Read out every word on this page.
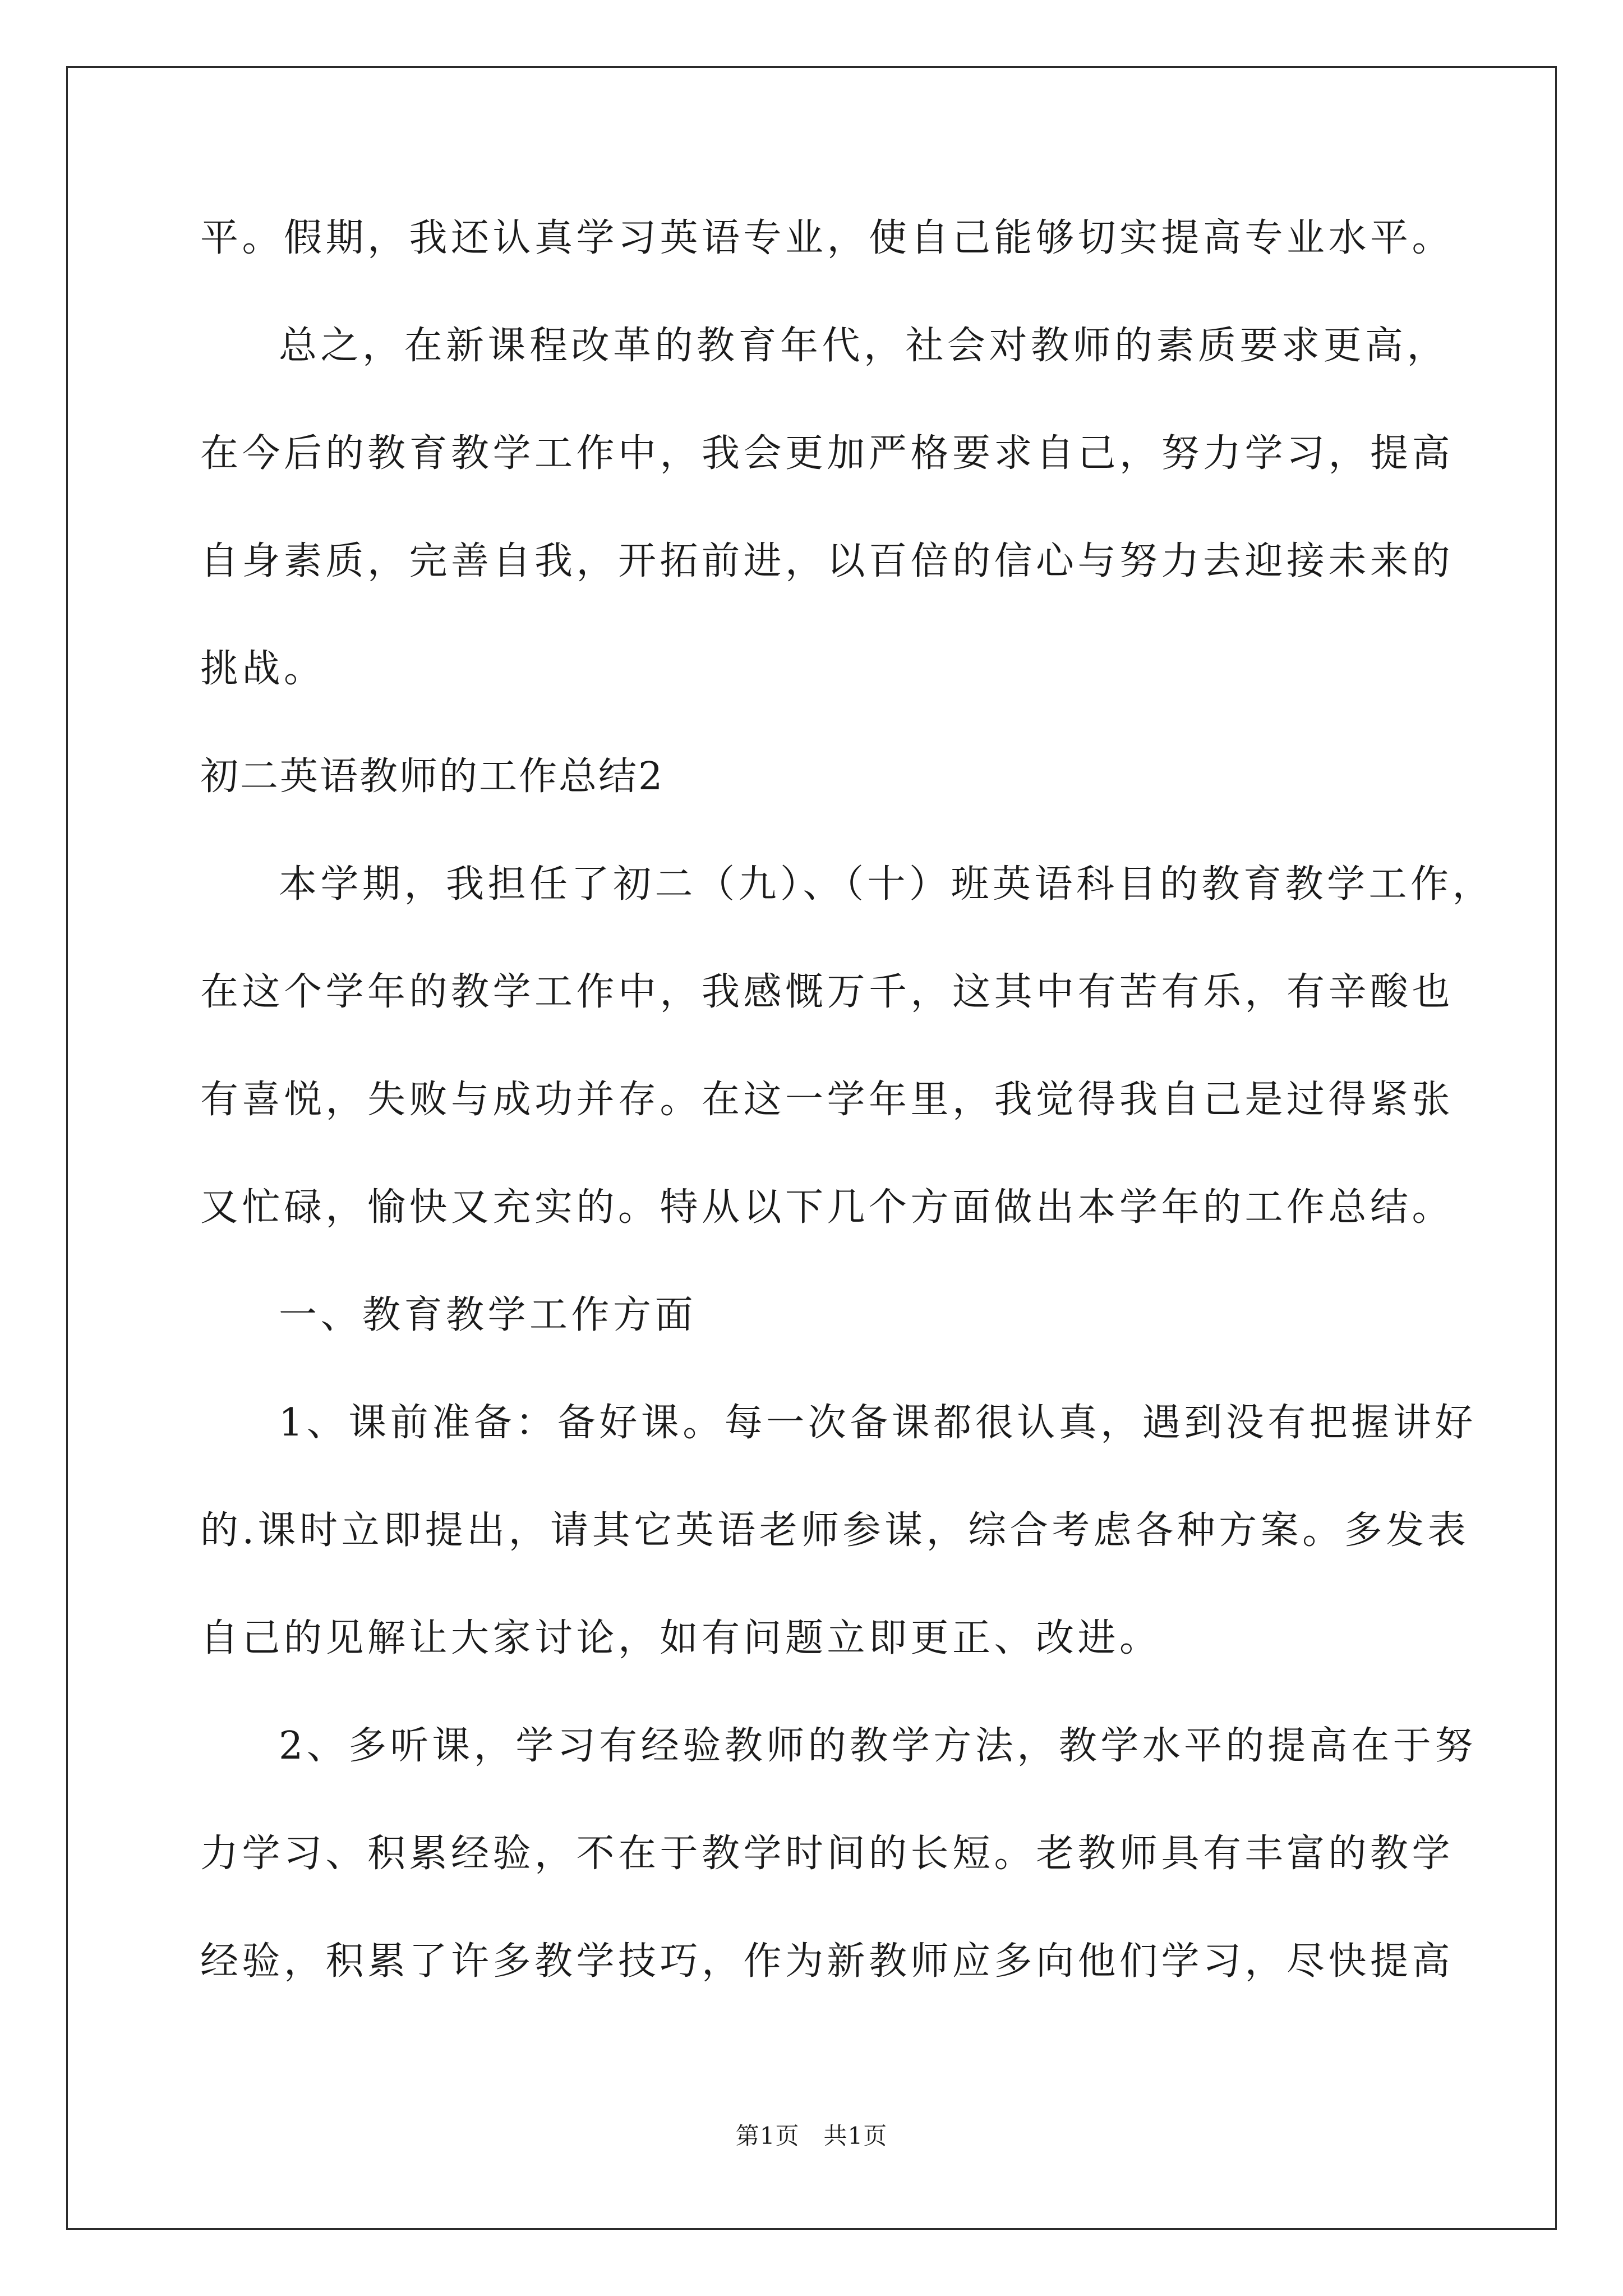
平。假期，我还认真学习英语专业，使自己能够切实提高专业水平。
总之，在新课程改革的教育年代，社会对教师的素质要求更高，
在今后的教育教学工作中，我会更加严格要求自己，努力学习，提高
自身素质，完善自我，开拓前进，以百倍的信心与努力去迎接未来的
挑战。
初二英语教师的工作总结2
本学期，我担任了初二（九）、（十）班英语科目的教育教学工作，
在这个学年的教学工作中，我感慨万千，这其中有苦有乐，有辛酸也
有喜悦，失败与成功并存。在这一学年里，我觉得我自己是过得紧张
又忙碌，愉快又充实的。特从以下几个方面做出本学年的工作总结。
一、教育教学工作方面
1、课前准备：备好课。每一次备课都很认真，遇到没有把握讲好
的.课时立即提出，请其它英语老师参谋，综合考虑各种方案。多发表
自己的见解让大家讨论，如有问题立即更正、改进。
2、多听课，学习有经验教师的教学方法，教学水平的提高在于努
力学习、积累经验，不在于教学时间的长短。老教师具有丰富的教学
经验，积累了许多教学技巧，作为新教师应多向他们学习，尽快提高
第1页　共1页
